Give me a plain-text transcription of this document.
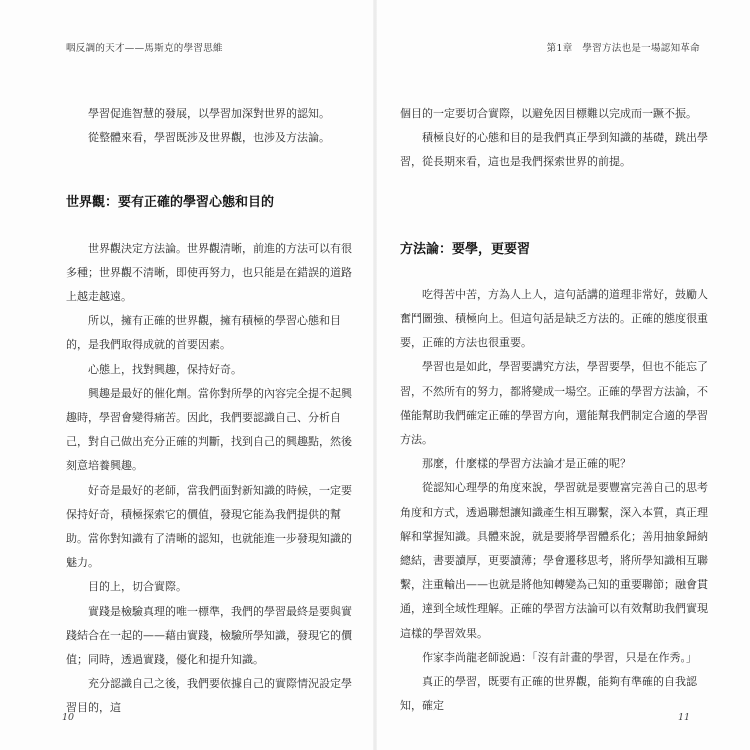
咽反調的天才——馬斯克的學習思維

學習促進智慧的發展，以學習加深對世界的認知。

從整體來看，學習既涉及世界觀，也涉及方法論。

世界觀：要有正確的學習心態和目的

世界觀決定方法論。世界觀清晰，前進的方法可以有很多種；世界觀不清晰，即使再努力，也只能是在錯誤的道路上越走越遠。

所以，擁有正確的世界觀，擁有積極的學習心態和目的，是我們取得成就的首要因素。

心態上，找對興趣，保持好奇。

興趣是最好的催化劑。當你對所學的內容完全提不起興趣時，學習會變得痛苦。因此，我們要認識自己、分析自己，對自己做出充分正確的判斷，找到自己的興趣點，然後刻意培養興趣。

好奇是最好的老師，當我們面對新知識的時候，一定要保持好奇，積極探索它的價值，發現它能為我們提供的幫助。當你對知識有了清晰的認知，也就能進一步發現知識的魅力。

目的上，切合實際。

實踐是檢驗真理的唯一標準，我們的學習最終是要與實踐結合在一起的——藉由實踐，檢驗所學知識，發現它的價值；同時，透過實踐，優化和提升知識。

充分認識自己之後，我們要依據自己的實際情況設定學習目的，這

10
第1章　學習方法也是一場認知革命

個目的一定要切合實際，以避免因目標難以完成而一蹶不振。

積極良好的心態和目的是我們真正學到知識的基礎，跳出學習，從長期來看，這也是我們探索世界的前提。

方法論：要學，更要習

吃得苦中苦，方為人上人，這句話講的道理非常好，鼓勵人奮鬥圖強、積極向上。但這句話是缺乏方法的。正確的態度很重要，正確的方法也很重要。

學習也是如此，學習要講究方法，學習要學，但也不能忘了習，不然所有的努力，都將變成一場空。正確的學習方法論，不僅能幫助我們確定正確的學習方向，還能幫我們制定合適的學習方法。

那麼，什麼樣的學習方法論才是正確的呢？

從認知心理學的角度來說，學習就是要豐富完善自己的思考角度和方式，透過聯想讓知識產生相互聯繫，深入本質，真正理解和掌握知識。具體來說，就是要將學習體系化；善用抽象歸納總結，書要讀厚，更要讀薄；學會遷移思考，將所學知識相互聯繫，注重輸出——也就是將他知轉變為己知的重要聯節；融會貫通，達到全域性理解。正確的學習方法論可以有效幫助我們實現這樣的學習效果。

作家李尚龍老師說過：「沒有計畫的學習，只是在作秀。」

真正的學習，既要有正確的世界觀，能夠有準確的自我認知，確定

11
